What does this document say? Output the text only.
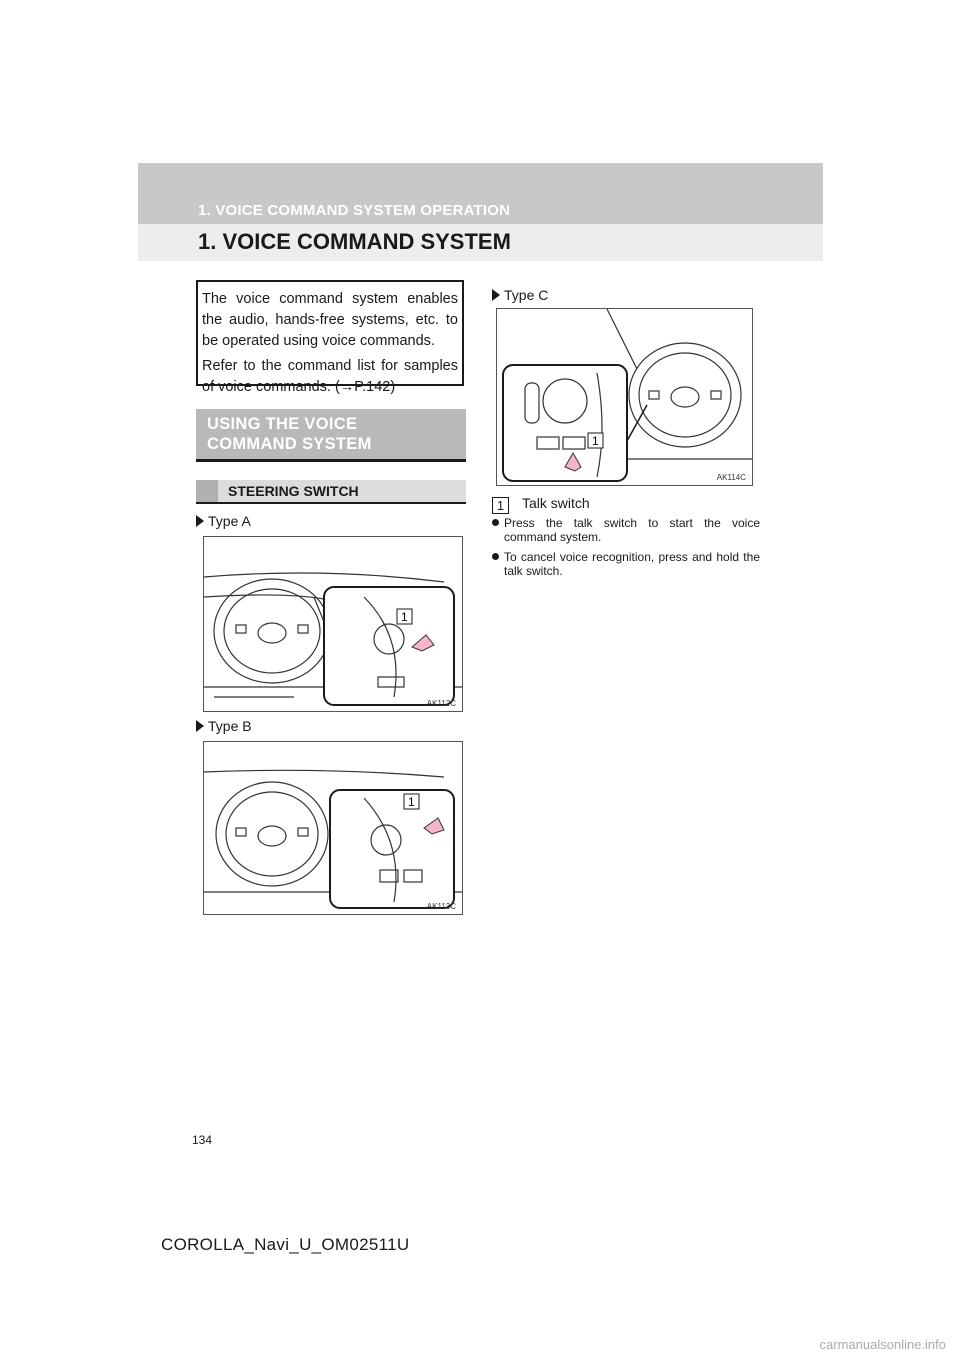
1. VOICE COMMAND SYSTEM OPERATION
1. VOICE COMMAND SYSTEM

The voice command system enables the audio, hands-free systems, etc. to be operated using voice commands.

Refer to the command list for samples of voice commands. (→P.142)

USING THE VOICE COMMAND SYSTEM
STEERING SWITCH
Type A
1
AK112C
Type B
1
AK113C
Type C
1
AK114C
1 Talk switch
Press the talk switch to start the voice command system.
To cancel voice recognition, press and hold the talk switch.
134
COROLLA_Navi_U_OM02511U
carmanualsonline.info
